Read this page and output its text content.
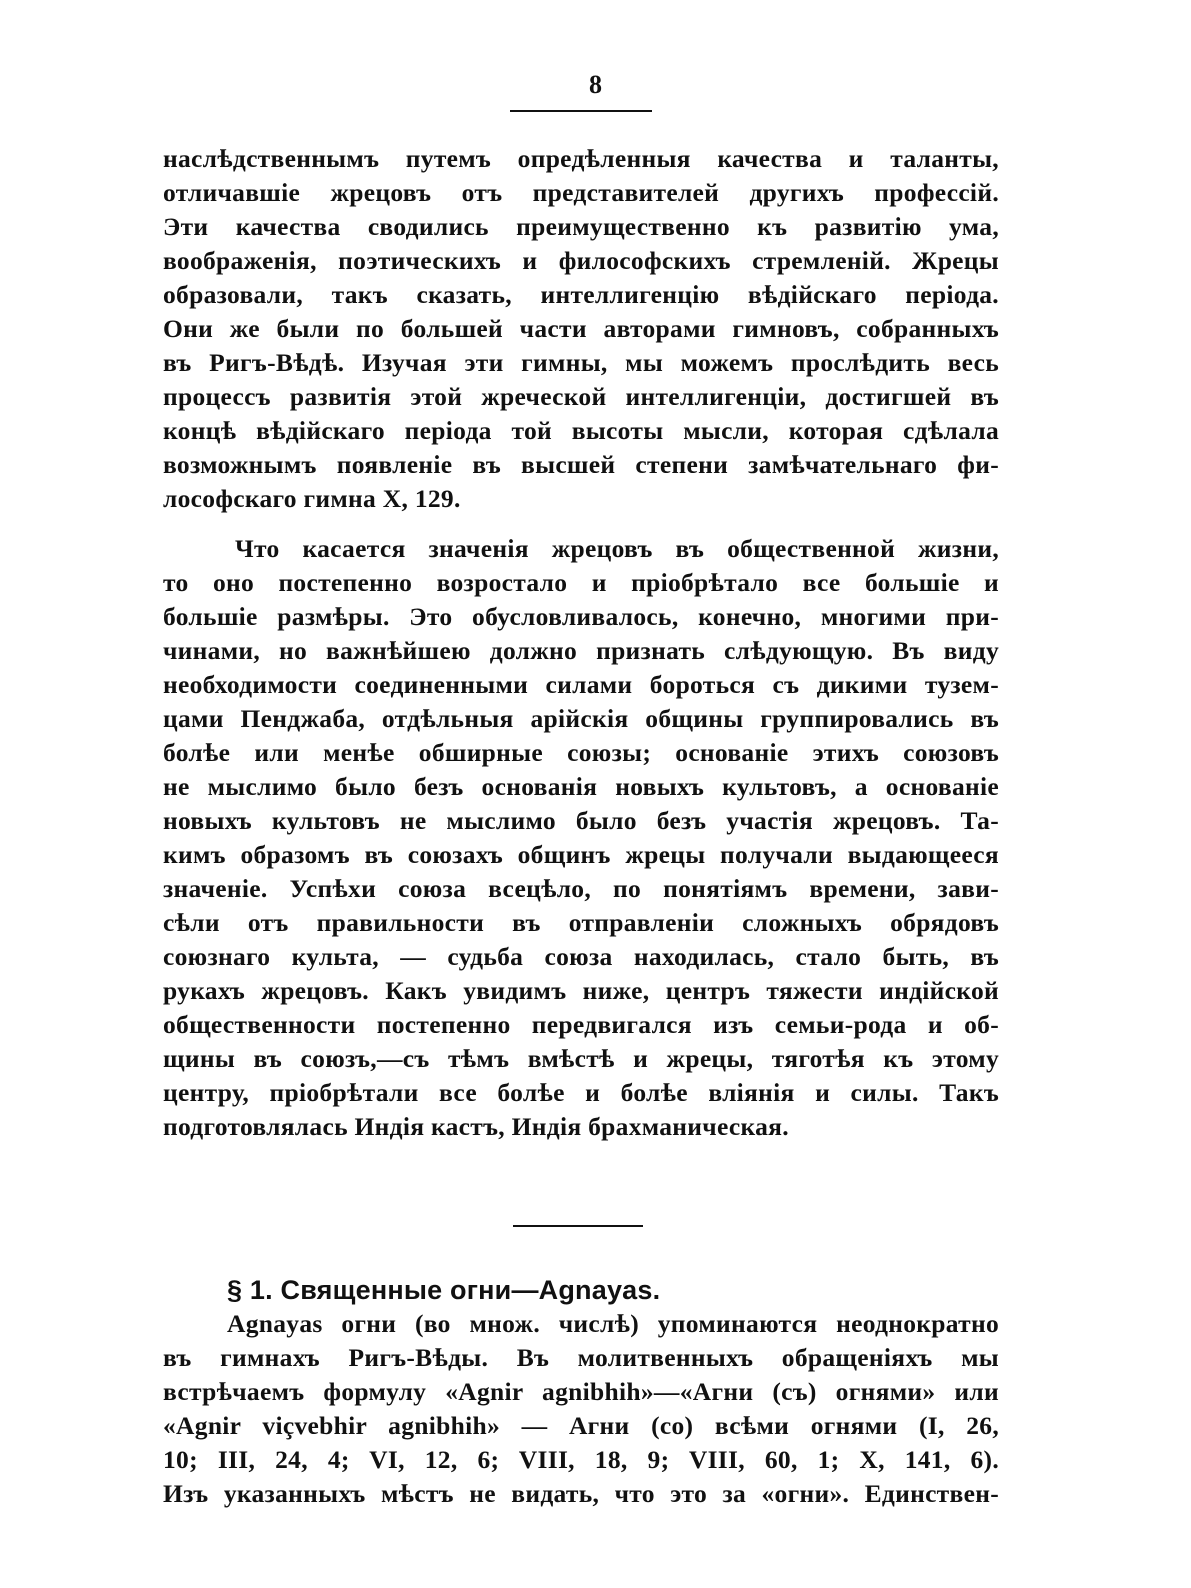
8
наслѣдственнымъ путемъ опредѣленныя качества и таланты,
отличавшіе жрецовъ отъ представителей другихъ профессій.
Эти качества сводились преимущественно къ развитію ума,
воображенія, поэтическихъ и философскихъ стремленій. Жрецы
образовали, такъ сказать, интеллигенцію вѣдійскаго періода.
Они же были по большей части авторами гимновъ, собранныхъ
въ Ригъ-Вѣдѣ. Изучая эти гимны, мы можемъ прослѣдить весь
процессъ развитія этой жреческой интеллигенціи, достигшей въ
концѣ вѣдійскаго періода той высоты мысли, которая сдѣлала
возможнымъ появленіе въ высшей степени замѣчательнаго фи-
лософскаго гимна X, 129.
Что касается значенія жрецовъ въ общественной жизни,
то оно постепенно возростало и пріобрѣтало все большіе и
большіе размѣры. Это обусловливалось, конечно, многими при-
чинами, но важнѣйшею должно признать слѣдующую. Въ виду
необходимости соединенными силами бороться съ дикими тузем-
цами Пенджаба, отдѣльныя арійскія общины группировались въ
болѣе или менѣе обширные союзы; основаніе этихъ союзовъ
не мыслимо было безъ основанія новыхъ культовъ, а основаніе
новыхъ культовъ не мыслимо было безъ участія жрецовъ. Та-
кимъ образомъ въ союзахъ общинъ жрецы получали выдающееся
значеніе. Успѣхи союза всецѣло, по понятіямъ времени, зави-
сѣли отъ правильности въ отправленіи сложныхъ обрядовъ
союзнаго культа, — судьба союза находилась, стало быть, въ
рукахъ жрецовъ. Какъ увидимъ ниже, центръ тяжести индійской
общественности постепенно передвигался изъ семьи-рода и об-
щины въ союзъ,—съ тѣмъ вмѣстѣ и жрецы, тяготѣя къ этому
центру, пріобрѣтали все болѣе и болѣе вліянія и силы. Такъ
подготовлялась Индія кастъ, Индія брахманическая.
§ 1. Священные огни—Agnayas.
Agnayas огни (во множ. числѣ) упоминаются неоднократно
въ гимнахъ Ригъ-Вѣды. Въ молитвенныхъ обращеніяхъ мы
встрѣчаемъ формулу «Agnir agnibhih»—«Агни (съ) огнями» или
«Agnir viçvebhir agnibhih» — Агни (со) всѣми огнями (I, 26,
10; III, 24, 4; VI, 12, 6; VIII, 18, 9; VIII, 60, 1; X, 141, 6).
Изъ указанныхъ мѣстъ не видать, что это за «огни». Единствен-
